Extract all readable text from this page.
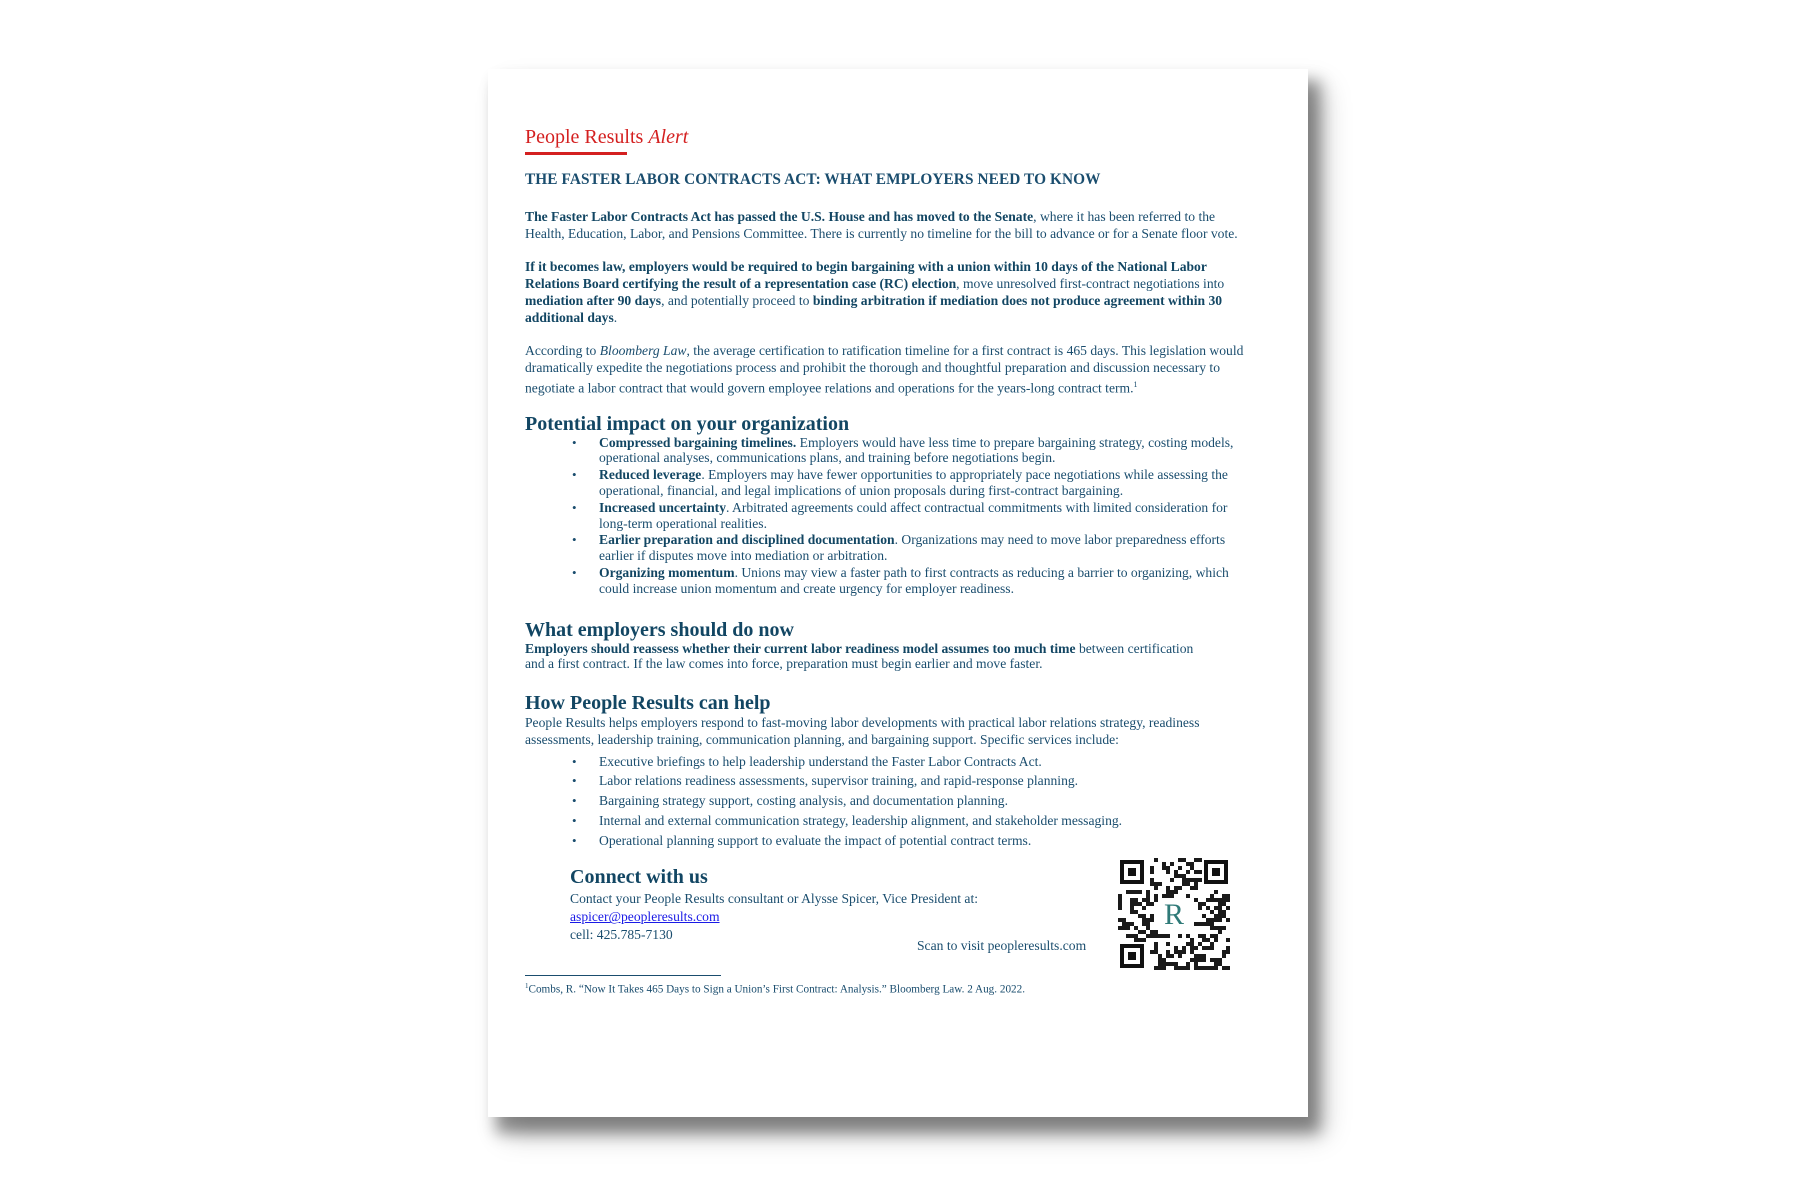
People Results Alert
THE FASTER LABOR CONTRACTS ACT: WHAT EMPLOYERS NEED TO KNOW

The Faster Labor Contracts Act has passed the U.S. House and has moved to the Senate, where it has been referred to the Health, Education, Labor, and Pensions Committee. There is currently no timeline for the bill to advance or for a Senate floor vote.

If it becomes law, employers would be required to begin bargaining with a union within 10 days of the National Labor Relations Board certifying the result of a representation case (RC) election, move unresolved first-contract negotiations into mediation after 90 days, and potentially proceed to binding arbitration if mediation does not produce agreement within 30 additional days.

According to Bloomberg Law, the average certification to ratification timeline for a first contract is 465 days. This legislation would dramatically expedite the negotiations process and prohibit the thorough and thoughtful preparation and discussion necessary to negotiate a labor contract that would govern employee relations and operations for the years-long contract term.$^1$

Potential impact on your organization
• Compressed bargaining timelines. Employers would have less time to prepare bargaining strategy, costing models, operational analyses, communications plans, and training before negotiations begin.
• Reduced leverage. Employers may have fewer opportunities to appropriately pace negotiations while assessing the operational, financial, and legal implications of union proposals during first-contract bargaining.
• Increased uncertainty. Arbitrated agreements could affect contractual commitments with limited consideration for long-term operational realities.
• Earlier preparation and disciplined documentation. Organizations may need to move labor preparedness efforts earlier if disputes move into mediation or arbitration.
• Organizing momentum. Unions may view a faster path to first contracts as reducing a barrier to organizing, which could increase union momentum and create urgency for employer readiness.
What employers should do now

Employers should reassess whether their current labor readiness model assumes too much time between certification and a first contract. If the law comes into force, preparation must begin earlier and move faster.

How People Results can help

People Results helps employers respond to fast-moving labor developments with practical labor relations strategy, readiness assessments, leadership training, communication planning, and bargaining support. Specific services include:

• Executive briefings to help leadership understand the Faster Labor Contracts Act.
• Labor relations readiness assessments, supervisor training, and rapid-response planning.
• Bargaining strategy support, costing analysis, and documentation planning.
• Internal and external communication strategy, leadership alignment, and stakeholder messaging.
• Operational planning support to evaluate the impact of potential contract terms.
Connect with us
Contact your People Results consultant or Alysse Spicer, Vice President at:
aspicer@peopleresults.com
cell: 425.785-7130
Scan to visit peopleresults.com
R
$^1$Combs, R. “Now It Takes 465 Days to Sign a Union’s First Contract: Analysis.” Bloomberg Law. 2 Aug. 2022.
